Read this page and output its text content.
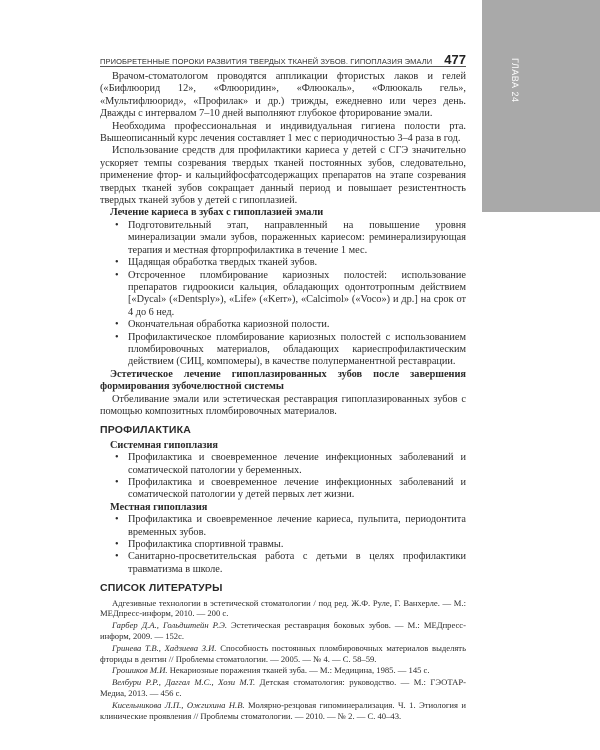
ГЛАВА 24
ПРИОБРЕТЕННЫЕ ПОРОКИ РАЗВИТИЯ ТВЕРДЫХ ТКАНЕЙ ЗУБОВ. ГИПОПЛАЗИЯ ЭМАЛИ 477

Врачом-стоматологом проводятся аппликации фтористых лаков и гелей («Бифлюорид 12», «Флюоридин», «Флюокаль», «Флюокаль гель», «Мультифлюорид», «Профилак» и др.) трижды, ежедневно или через день. Дважды с интервалом 7–10 дней выполняют глубокое фторирование эмали.

Необходима профессиональная и индивидуальная гигиена полости рта. Вышеописанный курс лечения составляет 1 мес с периодичностью 3–4 раза в год.

Использование средств для профилактики кариеса у детей с СГЭ значительно ускоряет темпы созревания твердых тканей постоянных зубов, следовательно, применение фтор- и кальцийфосфатсодержащих препаратов на этапе созревания твердых тканей зубов сокращает данный период и повышает резистентность твердых тканей зубов у детей с гипоплазией.

Лечение кариеса в зубах с гипоплазией эмали
• Подготовительный этап, направленный на повышение уровня минерализации эмали зубов, пораженных кариесом: реминерализирующая терапия и местная фторпрофилактика в течение 1 мес.
• Щадящая обработка твердых тканей зубов.
• Отсроченное пломбирование кариозных полостей: использование препаратов гидроокиси кальция, обладающих одонтотропным действием [«Dycal» («Dentsply»), «Life» («Kerr»), «Calcimol» («Voco») и др.] на срок от 4 до 6 нед.
• Окончательная обработка кариозной полости.
• Профилактическое пломбирование кариозных полостей с использованием пломбировочных материалов, обладающих кариеспрофилактическим действием (СИЦ, компомеры), в качестве полуперманентной реставрации.
Эстетическое лечение гипоплазированных зубов после завершения формирования зубочелюстной системы

Отбеливание эмали или эстетическая реставрация гипоплазированных зубов с помощью композитных пломбировочных материалов.

ПРОФИЛАКТИКА
Системная гипоплазия
• Профилактика и своевременное лечение инфекционных заболеваний и соматической патологии у беременных.
• Профилактика и своевременное лечение инфекционных заболеваний и соматической патологии у детей первых лет жизни.
Местная гипоплазия
• Профилактика и своевременное лечение кариеса, пульпита, периодонтита временных зубов.
• Профилактика спортивной травмы.
• Санитарно-просветительская работа с детьми в целях профилактики травматизма в школе.
СПИСОК ЛИТЕРАТУРЫ

Адгезивные технологии в эстетической стоматологии / под ред. Ж.Ф. Руле, Г. Ванхерле. — М.: МЕДпресс-информ, 2010. — 200 с.

Гарбер Д.А., Гольдштейн Р.Э. Эстетическая реставрация боковых зубов. — М.: МЕДпресс-информ, 2009. — 152с.

Гринева Т.В., Хадзиева З.И. Способность постоянных пломбировочных материалов выделять фториды в дентин // Проблемы стоматологии. — 2005. — № 4. — С. 58–59.

Грошиков М.И. Некариозные поражения тканей зуба. — М.: Медицина, 1985. — 145 с.

Велбури Р.Р., Даггал М.С., Хози М.Т. Детская стоматология: руководство. — М.: ГЭОТАР-Медиа, 2013. — 456 с.

Кисельникова Л.П., Ожгихина Н.В. Молярно-резцовая гипоминерализация. Ч. 1. Этиология и клинические проявления // Проблемы стоматологии. — 2010. — № 2. — С. 40–43.
